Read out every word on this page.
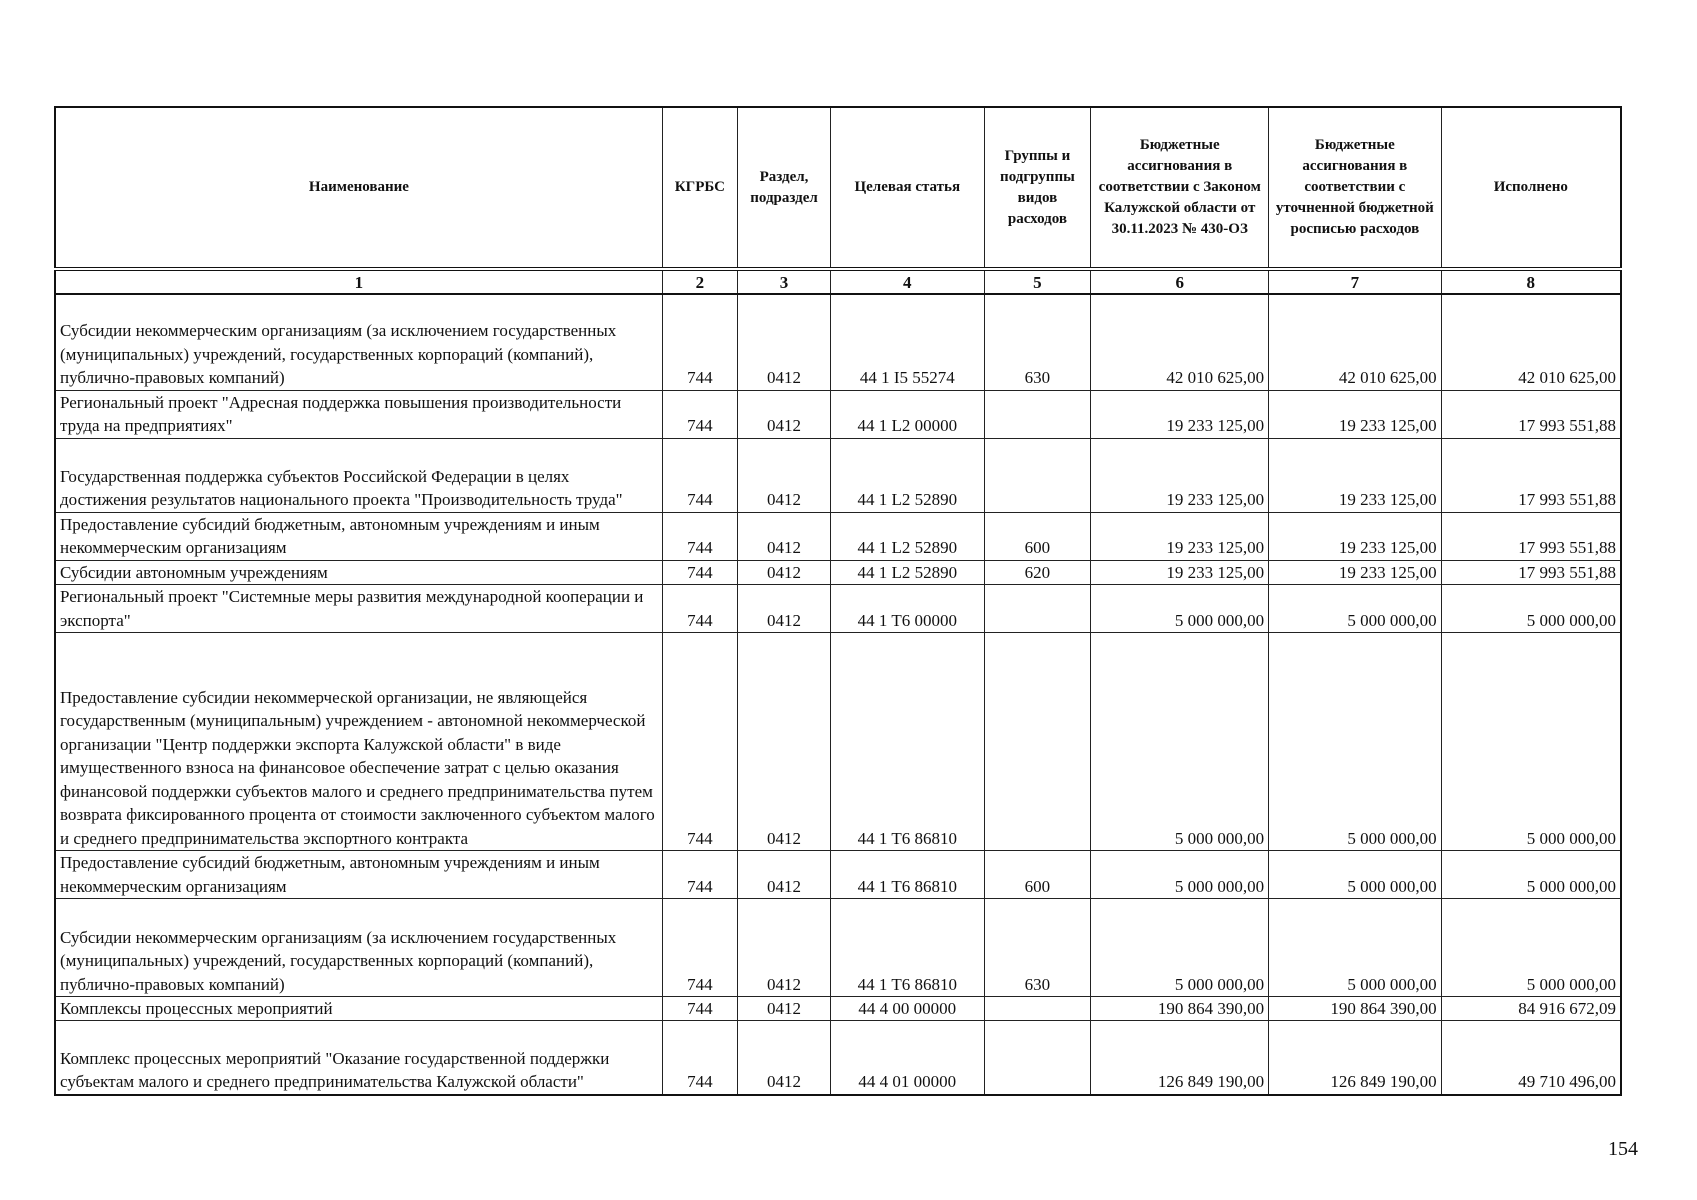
Наименование	КГРБС	Раздел, подраздел	Целевая статья	Группы и подгруппы видов расходов	Бюджетные ассигнования в соответствии с Законом Калужской области от 30.11.2023 № 430-ОЗ	Бюджетные ассигнования в соответствии с уточненной бюджетной росписью расходов	Исполнено
1	2	3	4	5	6	7	8
Субсидии некоммерческим организациям (за исключением государственных (муниципальных) учреждений, государственных корпораций (компаний), публично-правовых компаний)	744	0412	44 1 I5 55274	630	42 010 625,00	42 010 625,00	42 010 625,00
Региональный проект "Адресная поддержка повышения производительности труда на предприятиях"	744	0412	44 1 L2 00000		19 233 125,00	19 233 125,00	17 993 551,88
Государственная поддержка субъектов Российской Федерации в целях достижения результатов национального проекта "Производительность труда"	744	0412	44 1 L2 52890		19 233 125,00	19 233 125,00	17 993 551,88
Предоставление субсидий бюджетным, автономным учреждениям и иным некоммерческим организациям	744	0412	44 1 L2 52890	600	19 233 125,00	19 233 125,00	17 993 551,88
Субсидии автономным учреждениям	744	0412	44 1 L2 52890	620	19 233 125,00	19 233 125,00	17 993 551,88
Региональный проект "Системные меры развития международной кооперации и экспорта"	744	0412	44 1 T6 00000		5 000 000,00	5 000 000,00	5 000 000,00
Предоставление субсидии некоммерческой организации, не являющейся государственным (муниципальным) учреждением - автономной некоммерческой организации "Центр поддержки экспорта Калужской области" в виде имущественного взноса на финансовое обеспечение затрат с целью оказания финансовой поддержки субъектов малого и среднего предпринимательства путем возврата фиксированного процента от стоимости заключенного субъектом малого и среднего предпринимательства экспортного контракта	744	0412	44 1 T6 86810		5 000 000,00	5 000 000,00	5 000 000,00
Предоставление субсидий бюджетным, автономным учреждениям и иным некоммерческим организациям	744	0412	44 1 T6 86810	600	5 000 000,00	5 000 000,00	5 000 000,00
Субсидии некоммерческим организациям (за исключением государственных (муниципальных) учреждений, государственных корпораций (компаний), публично-правовых компаний)	744	0412	44 1 T6 86810	630	5 000 000,00	5 000 000,00	5 000 000,00
Комплексы процессных мероприятий	744	0412	44 4 00 00000		190 864 390,00	190 864 390,00	84 916 672,09
Комплекс процессных мероприятий "Оказание государственной поддержки субъектам малого и среднего предпринимательства Калужской области"	744	0412	44 4 01 00000		126 849 190,00	126 849 190,00	49 710 496,00
154
